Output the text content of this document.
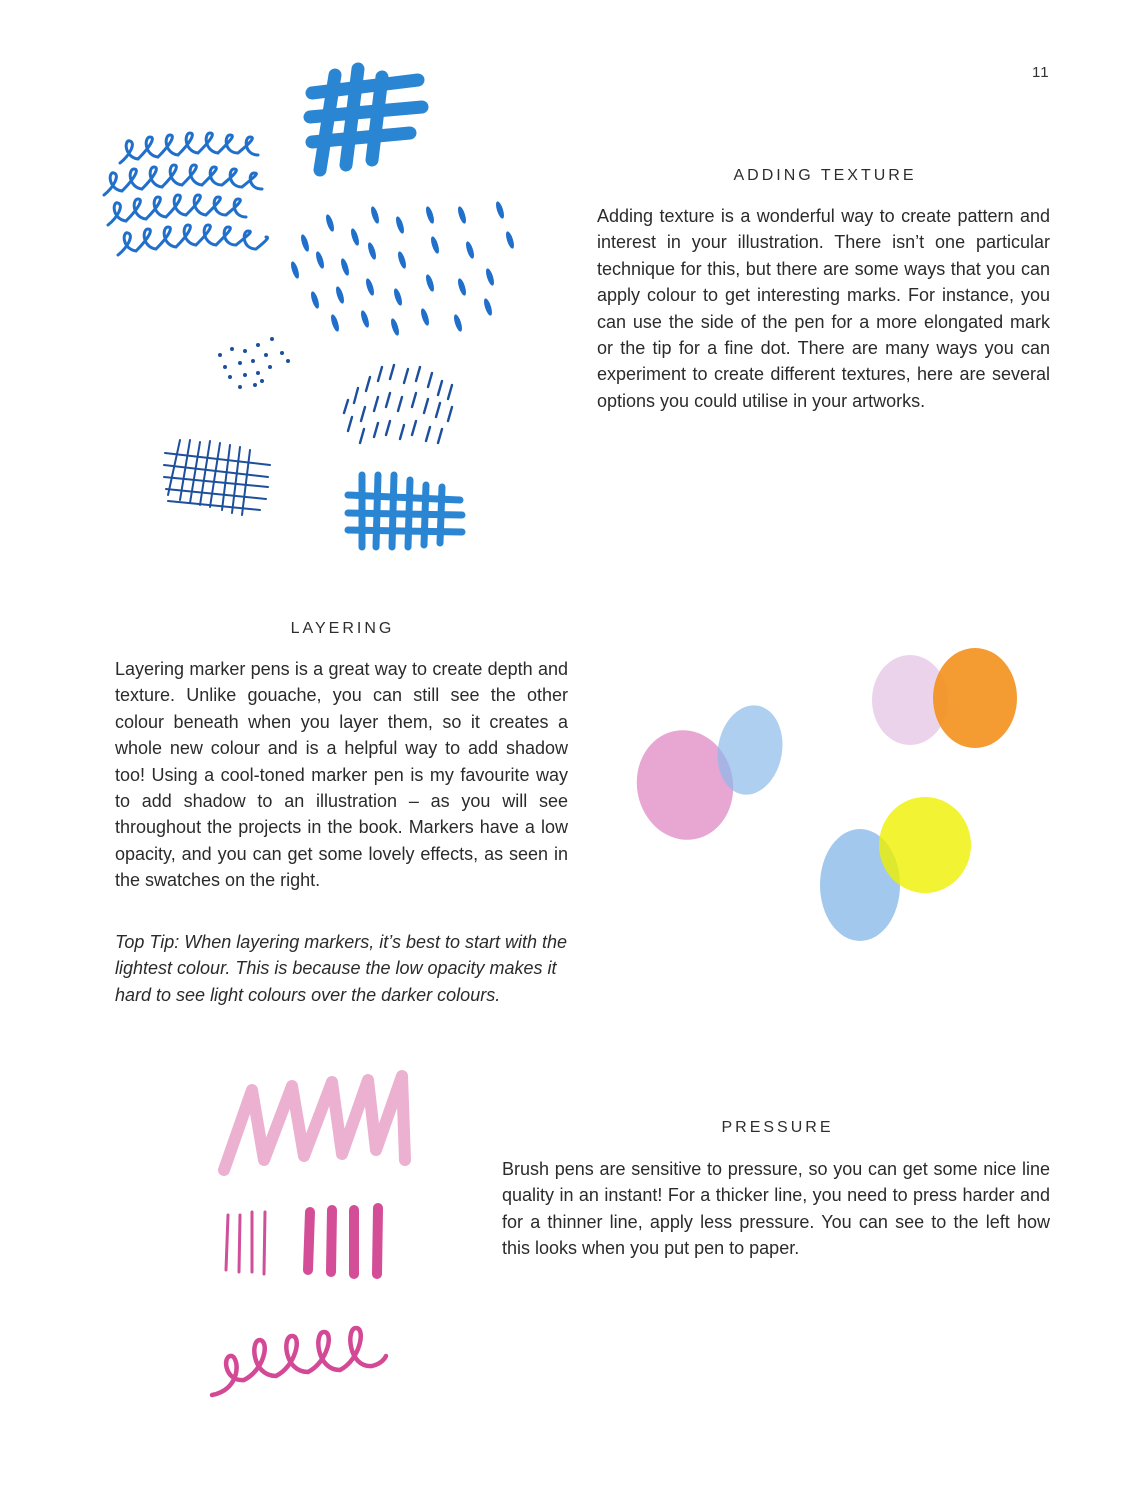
11
ADDING TEXTURE

Adding texture is a wonderful way to create pattern and interest in your illustration. There isn’t one particular technique for this, but there are some ways that you can apply colour to get interesting marks. For instance, you can use the side of the pen for a more elongated mark or the tip for a fine dot. There are many ways you can experiment to create different textures, here are several options you could utilise in your artworks.

LAYERING

Layering marker pens is a great way to create depth and texture. Unlike gouache, you can still see the other colour beneath when you layer them, so it creates a whole new colour and is a helpful way to add shadow too! Using a cool-toned marker pen is my favourite way to add shadow to an illustration – as you will see throughout the projects in the book. Markers have a low opacity, and you can get some lovely effects, as seen in the swatches on the right.

Top Tip: When layering markers, it’s best to start with the lightest colour. This is because the low opacity makes it hard to see light colours over the darker colours.

PRESSURE

Brush pens are sensitive to pressure, so you can get some nice line quality in an instant! For a thicker line, you need to press harder and for a thinner line, apply less pressure. You can see to the left how this looks when you put pen to paper.
